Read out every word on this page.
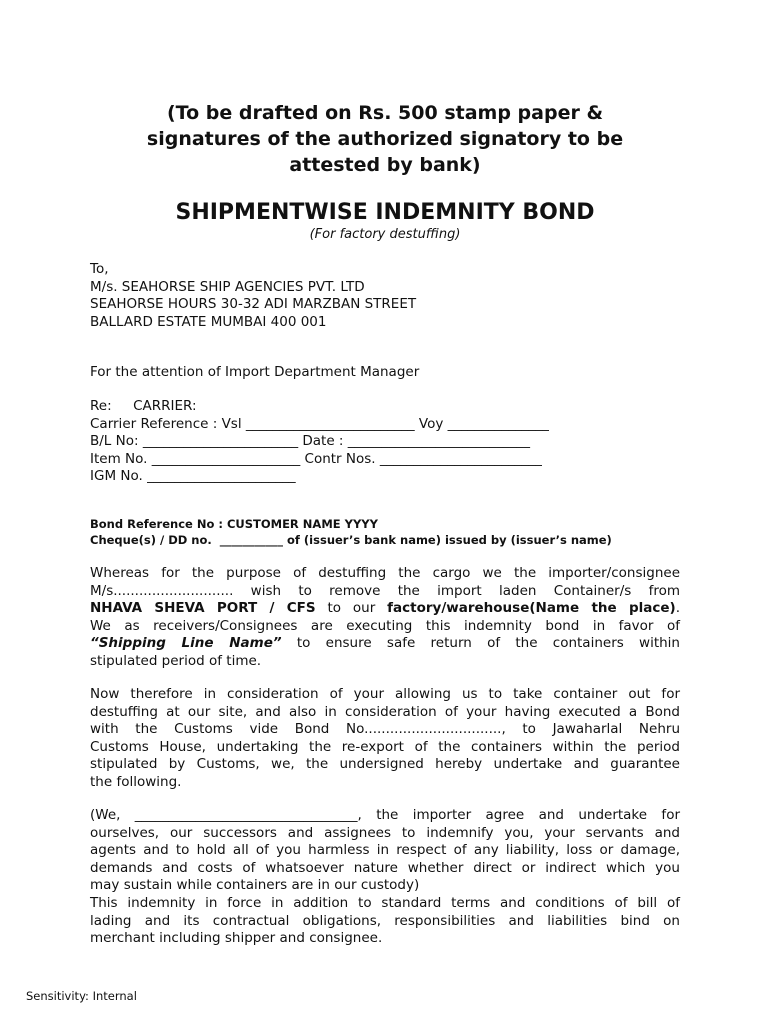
(To be drafted on Rs. 500 stamp paper &
signatures of the authorized signatory to be
attested by bank)
SHIPMENTWISE INDEMNITY BOND
(For factory destuffing)
To,
M/s. SEAHORSE SHIP AGENCIES PVT. LTD
SEAHORSE HOURS 30-32 ADI MARZBAN STREET
BALLARD ESTATE MUMBAI 400 001
For the attention of Import Department Manager
Re:     CARRIER:
Carrier Reference : Vsl _________________________ Voy _______________
B/L No: _______________________ Date : ___________________________
Item No. ______________________ Contr Nos. ________________________
IGM No. ______________________
Bond Reference No : CUSTOMER NAME YYYY
Cheque(s) / DD no.  ___________ of (issuer’s bank name) issued by (issuer’s name)
Whereas for the purpose of destuffing the cargo we the importer/consignee
M/s............................ wish to remove the import laden Container/s from
NHAVA SHEVA PORT / CFS to our factory/warehouse(Name the place).
We as receivers/Consignees are executing this indemnity bond in favor of
“Shipping Line Name” to ensure safe return of the containers within
stipulated period of time.
Now therefore in consideration of your allowing us to take container out for
destuffing at our site, and also in consideration of your having executed a Bond
with the Customs vide Bond No................................, to Jawaharlal Nehru
Customs House, undertaking the re-export of the containers within the period
stipulated by Customs, we, the undersigned hereby undertake and guarantee
the following.
(We, _________________________________, the importer agree and undertake for
ourselves, our successors and assignees to indemnify you, your servants and
agents and to hold all of you harmless in respect of any liability, loss or damage,
demands and costs of whatsoever nature whether direct or indirect which you
may sustain while containers are in our custody)
This indemnity in force in addition to standard terms and conditions of bill of
lading and its contractual obligations, responsibilities and liabilities bind on
merchant including shipper and consignee.
Sensitivity: Internal
